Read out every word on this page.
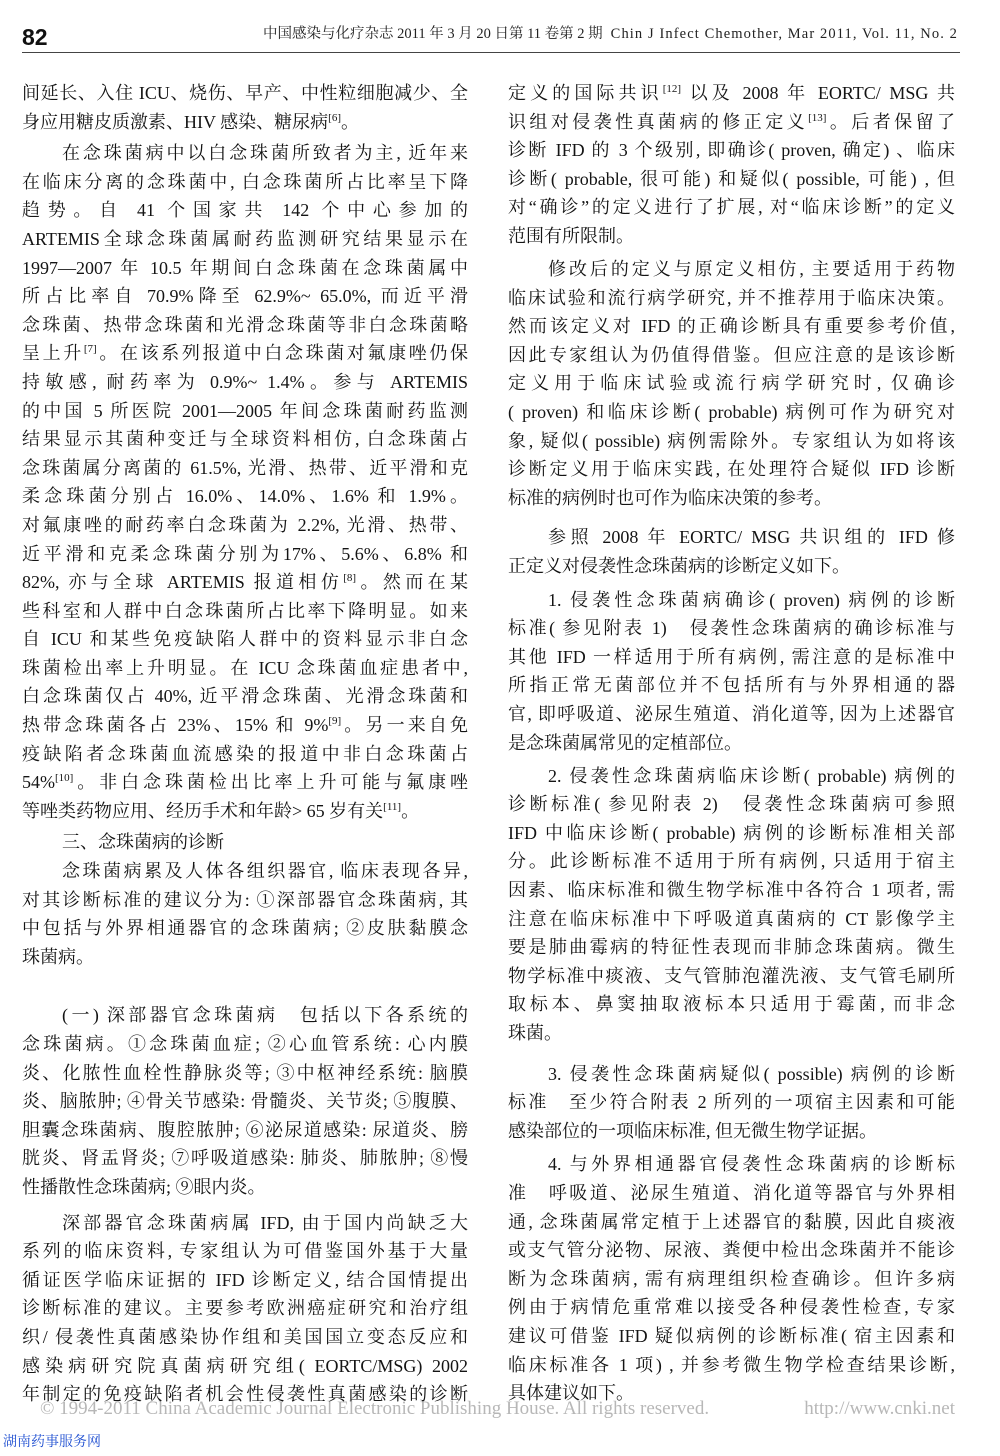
82	中国感染与化疗杂志 2011 年 3 月 20 日第 11 卷第 2 期 Chin J Infect Chemother, Mar 2011, Vol. 11, No. 2
间延长、入住 ICU、烧伤、早产、中性粒细胞减少、全
身应用糖皮质激素、HIV 感染、糖尿病[6]。
在念珠菌病中以白念珠菌所致者为主, 近年来
在临床分离的念珠菌中, 白念珠菌所占比率呈下降
趋势。自 41 个国家共 142 个中心参加的
ARTEMIS全球念珠菌属耐药监测研究结果显示在
1997—2007 年 10.5 年期间白念珠菌在念珠菌属中
所占比率自 70.9%降至 62.9%~ 65.0%, 而近平滑
念珠菌、热带念珠菌和光滑念珠菌等非白念珠菌略
呈上升[7]。在该系列报道中白念珠菌对氟康唑仍保
持敏感, 耐药率为 0.9%~ 1.4%。参与 ARTEMIS
的中国 5 所医院 2001—2005 年间念珠菌耐药监测
结果显示其菌种变迁与全球资料相仿, 白念珠菌占
念珠菌属分离菌的 61.5%, 光滑、热带、近平滑和克
柔念珠菌分别占 16.0%、14.0%、1.6% 和 1.9%。
对氟康唑的耐药率白念珠菌为 2.2%, 光滑、热带、
近平滑和克柔念珠菌分别为17%、5.6%、6.8% 和
82%, 亦与全球 ARTEMIS 报道相仿[8]。然而在某
些科室和人群中白念珠菌所占比率下降明显。如来
自 ICU 和某些免疫缺陷人群中的资料显示非白念
珠菌检出率上升明显。在 ICU 念珠菌血症患者中,
白念珠菌仅占 40%, 近平滑念珠菌、光滑念珠菌和
热带念珠菌各占 23%、15% 和 9%[9]。另一来自免
疫缺陷者念珠菌血流感染的报道中非白念珠菌占
54%[10]。非白念珠菌检出比率上升可能与氟康唑
等唑类药物应用、经历手术和年龄> 65 岁有关[11]。
三、念珠菌病的诊断
念珠菌病累及人体各组织器官, 临床表现各异,
对其诊断标准的建议分为: ①深部器官念珠菌病, 其
中包括与外界相通器官的念珠菌病; ②皮肤黏膜念
珠菌病。
(一) 深部器官念珠菌病　包括以下各系统的
念珠菌病。①念珠菌血症; ②心血管系统: 心内膜
炎、化脓性血栓性静脉炎等; ③中枢神经系统: 脑膜
炎、脑脓肿; ④骨关节感染: 骨髓炎、关节炎; ⑤腹膜、
胆囊念珠菌病、腹腔脓肿; ⑥泌尿道感染: 尿道炎、膀
胱炎、肾盂肾炎; ⑦呼吸道感染: 肺炎、肺脓肿; ⑧慢
性播散性念珠菌病; ⑨眼内炎。
深部器官念珠菌病属 IFD, 由于国内尚缺乏大
系列的临床资料, 专家组认为可借鉴国外基于大量
循证医学临床证据的 IFD 诊断定义, 结合国情提出
诊断标准的建议。主要参考欧洲癌症研究和治疗组
织/ 侵袭性真菌感染协作组和美国国立变态反应和
感染病研究院真菌病研究组( EORTC/MSG) 2002
年制定的免疫缺陷者机会性侵袭性真菌感染的诊断
定义的国际共识[12] 以及 2008 年 EORTC/ MSG 共
识组对侵袭性真菌病的修正定义[13]。后者保留了
诊断 IFD 的 3 个级别, 即确诊( proven, 确定) 、临床
诊断( probable, 很可能) 和疑似( possible, 可能) , 但
对“确诊”的定义进行了扩展, 对“临床诊断”的定义
范围有所限制。
修改后的定义与原定义相仿, 主要适用于药物
临床试验和流行病学研究, 并不推荐用于临床决策。
然而该定义对 IFD 的正确诊断具有重要参考价值,
因此专家组认为仍值得借鉴。但应注意的是该诊断
定义用于临床试验或流行病学研究时, 仅确诊
( proven) 和临床诊断( probable) 病例可作为研究对
象, 疑似( possible) 病例需除外。专家组认为如将该
诊断定义用于临床实践, 在处理符合疑似 IFD 诊断
标准的病例时也可作为临床决策的参考。
参照 2008 年 EORTC/ MSG 共识组的 IFD 修
正定义对侵袭性念珠菌病的诊断定义如下。
1. 侵袭性念珠菌病确诊( proven) 病例的诊断
标准( 参见附表 1)　侵袭性念珠菌病的确诊标准与
其他 IFD 一样适用于所有病例, 需注意的是标准中
所指正常无菌部位并不包括所有与外界相通的器
官, 即呼吸道、泌尿生殖道、消化道等, 因为上述器官
是念珠菌属常见的定植部位。
2. 侵袭性念珠菌病临床诊断( probable) 病例的
诊断标准( 参见附表 2)　侵袭性念珠菌病可参照
IFD 中临床诊断( probable) 病例的诊断标准相关部
分。此诊断标准不适用于所有病例, 只适用于宿主
因素、临床标准和微生物学标准中各符合 1 项者, 需
注意在临床标准中下呼吸道真菌病的 CT 影像学主
要是肺曲霉病的特征性表现而非肺念珠菌病。微生
物学标准中痰液、支气管肺泡灌洗液、支气管毛刷所
取标本、鼻窦抽取液标本只适用于霉菌, 而非念
珠菌。
3. 侵袭性念珠菌病疑似( possible) 病例的诊断
标准　至少符合附表 2 所列的一项宿主因素和可能
感染部位的一项临床标准, 但无微生物学证据。
4. 与外界相通器官侵袭性念珠菌病的诊断标
准　呼吸道、泌尿生殖道、消化道等器官与外界相
通, 念珠菌属常定植于上述器官的黏膜, 因此自痰液
或支气管分泌物、尿液、粪便中检出念珠菌并不能诊
断为念珠菌病, 需有病理组织检查确诊。但许多病
例由于病情危重常难以接受各种侵袭性检查, 专家
建议可借鉴 IFD 疑似病例的诊断标准( 宿主因素和
临床标准各 1 项) , 并参考微生物学检查结果诊断,
具体建议如下。
© 1994-2011 China Academic Journal Electronic Publishing House. All rights reserved.	http://www.cnki.net
湖南药事服务网
